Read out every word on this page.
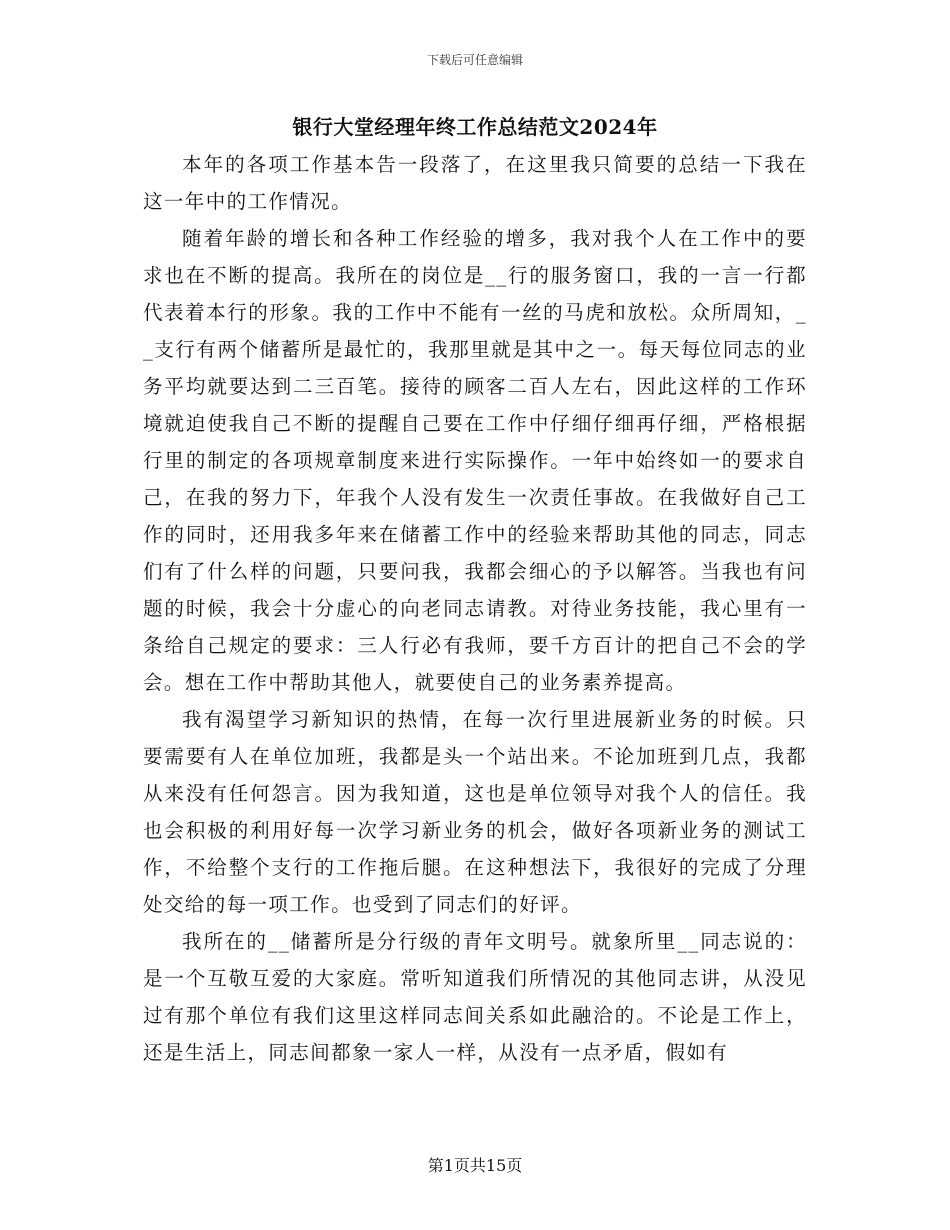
下载后可任意编辑
银行大堂经理年终工作总结范文2024年

本年的各项工作基本告一段落了，在这里我只简要的总结一下我在这一年中的工作情况。

随着年龄的增长和各种工作经验的增多，我对我个人在工作中的要求也在不断的提高。我所在的岗位是__行的服务窗口，我的一言一行都代表着本行的形象。我的工作中不能有一丝的马虎和放松。众所周知，__支行有两个储蓄所是最忙的，我那里就是其中之一。每天每位同志的业务平均就要达到二三百笔。接待的顾客二百人左右，因此这样的工作环境就迫使我自己不断的提醒自己要在工作中仔细仔细再仔细，严格根据行里的制定的各项规章制度来进行实际操作。一年中始终如一的要求自己，在我的努力下，年我个人没有发生一次责任事故。在我做好自己工作的同时，还用我多年来在储蓄工作中的经验来帮助其他的同志，同志们有了什么样的问题，只要问我，我都会细心的予以解答。当我也有问题的时候，我会十分虚心的向老同志请教。对待业务技能，我心里有一条给自己规定的要求：三人行必有我师，要千方百计的把自己不会的学会。想在工作中帮助其他人，就要使自己的业务素养提高。

我有渴望学习新知识的热情，在每一次行里进展新业务的时候。只要需要有人在单位加班，我都是头一个站出来。不论加班到几点，我都从来没有任何怨言。因为我知道，这也是单位领导对我个人的信任。我也会积极的利用好每一次学习新业务的机会，做好各项新业务的测试工作，不给整个支行的工作拖后腿。在这种想法下，我很好的完成了分理处交给的每一项工作。也受到了同志们的好评。

我所在的__储蓄所是分行级的青年文明号。就象所里__同志说的：是一个互敬互爱的大家庭。常听知道我们所情况的其他同志讲，从没见过有那个单位有我们这里这样同志间关系如此融洽的。不论是工作上，还是生活上，同志间都象一家人一样，从没有一点矛盾，假如有

第1页共15页
